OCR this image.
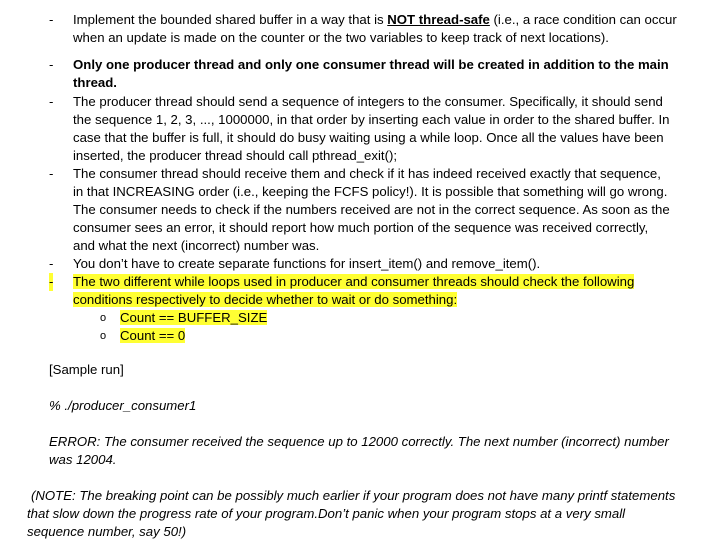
- Implement the bounded shared buffer in a way that is NOT thread-safe (i.e., a race condition can occur
when an update is made on the counter or the two variables to keep track of next locations).
- Only one producer thread and only one consumer thread will be created in addition to the main
thread.
- The producer thread should send a sequence of integers to the consumer. Specifically, it should send
the sequence 1, 2, 3, ..., 1000000, in that order by inserting each value in order to the shared buffer. In
case that the buffer is full, it should do busy waiting using a while loop. Once all the values have been
inserted, the producer thread should call pthread_exit();
- The consumer thread should receive them and check if it has indeed received exactly that sequence,
in that INCREASING order (i.e., keeping the FCFS policy!). It is possible that something will go wrong.
The consumer needs to check if the numbers received are not in the correct sequence. As soon as the
consumer sees an error, it should report how much portion of the sequence was received correctly,
and what the next (incorrect) number was.
- You don’t have to create separate functions for insert_item() and remove_item().
- The two different while loops used in producer and consumer threads should check the following
conditions respectively to decide whether to wait or do something:
o Count == BUFFER_SIZE
o Count == 0
[Sample run]
% ./producer_consumer1
ERROR: The consumer received the sequence up to 12000 correctly. The next number (incorrect) number
was 12004.
(NOTE: The breaking point can be possibly much earlier if your program does not have many printf statements
that slow down the progress rate of your program.Don’t panic when your program stops at a very small
sequence number, say 50!)
